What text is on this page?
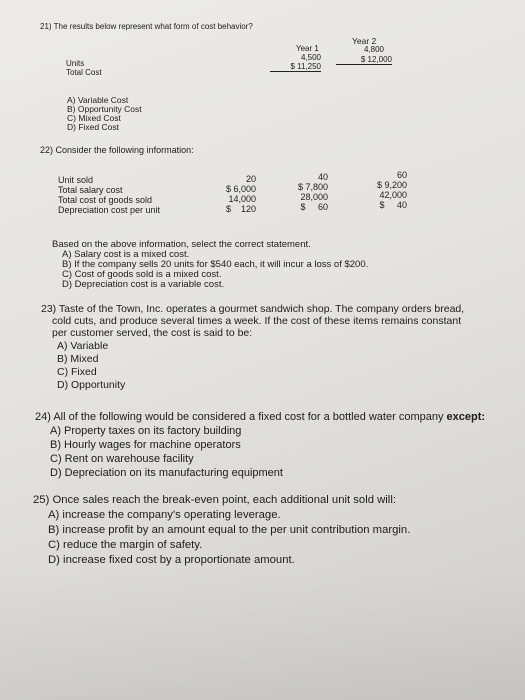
21) The results below represent what form of cost behavior?
Year 1
Year 2
Units
Total Cost
4,500
$ 11,250
4,800
$ 12,000
A) Variable Cost
B) Opportunity Cost
C) Mixed Cost
D) Fixed Cost
22) Consider the following information:
Unit sold
Total salary cost
Total cost of goods sold
Depreciation cost per unit
20
$ 6,000
14,000
$    120
40
$ 7,800
28,000
$     60
60
$ 9,200
42,000
$     40
Based on the above information, select the correct statement.
A) Salary cost is a mixed cost.
B) If the company sells 20 units for $540 each, it will incur a loss of $200.
C) Cost of goods sold is a mixed cost.
D) Depreciation cost is a variable cost.
23) Taste of the Town, Inc. operates a gourmet sandwich shop. The company orders bread,
cold cuts, and produce several times a week. If the cost of these items remains constant
per customer served, the cost is said to be:
A) Variable
B) Mixed
C) Fixed
D) Opportunity
24) All of the following would be considered a fixed cost for a bottled water company except:
A) Property taxes on its factory building
B) Hourly wages for machine operators
C) Rent on warehouse facility
D) Depreciation on its manufacturing equipment
25) Once sales reach the break-even point, each additional unit sold will:
A) increase the company's operating leverage.
B) increase profit by an amount equal to the per unit contribution margin.
C) reduce the margin of safety.
D) increase fixed cost by a proportionate amount.
